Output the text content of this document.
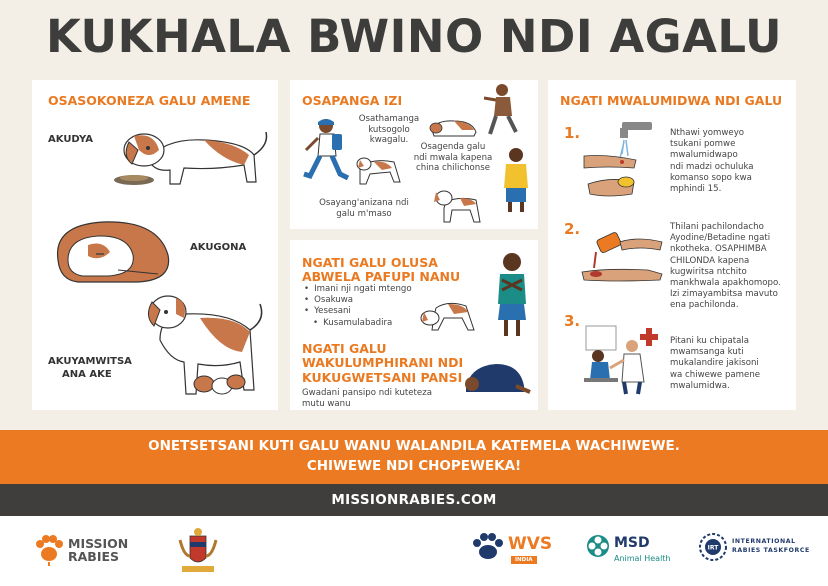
KUKHALA BWINO NDI AGALU
OSASOKONEZA GALU AMENE
AKUDYA
AKUGONA
AKUYAMWITSA
ANA AKE
OSAPANGA IZI
Osathamanga
kutsogolo
kwagalu.
Osagenda galu
ndi mwala kapena
china chilichonse
Osayang'anizana ndi
galu m'maso
NGATI GALU OLUSA
ABWELA PAFUPI NANU
• Imani nji ngati mtengo
• Osakuwa
• Yesesani
• Kusamulabadira
NGATI GALU
WAKULUMPHIRANI NDI
KUKUGWETSANI PANSI
Gwadani pansipo ndi kuteteza
mutu wanu
NGATI MWALUMIDWA NDI GALU
1.	Nthawi yomweyo
tsukani pomwe
mwalumidwapo
ndi madzi ochuluka
komanso sopo kwa
mphindi 15.
2.	Thilani pachilondacho
Ayodine/Betadine ngati
nkotheka. OSAPHIMBA
CHILONDA kapena
kugwiritsa ntchito
mankhwala apakhomopo.
Izi zimayambitsa mavuto
ena pachilonda.
3.
Pitani ku chipatala
mwamsanga kuti
mukalandire jakisoni
wa chiwewe pamene
mwalumidwa.
ONETSETSANI KUTI GALU WANU WALANDILA KATEMELA WACHIWEWE.
CHIWEWE NDI CHOPEWEKA!
MISSIONRABIES.COM
MISSION
RABIES
WVS
INDIA
MSD
Animal Health
IRT
INTERNATIONAL
RABIES TASKFORCE
